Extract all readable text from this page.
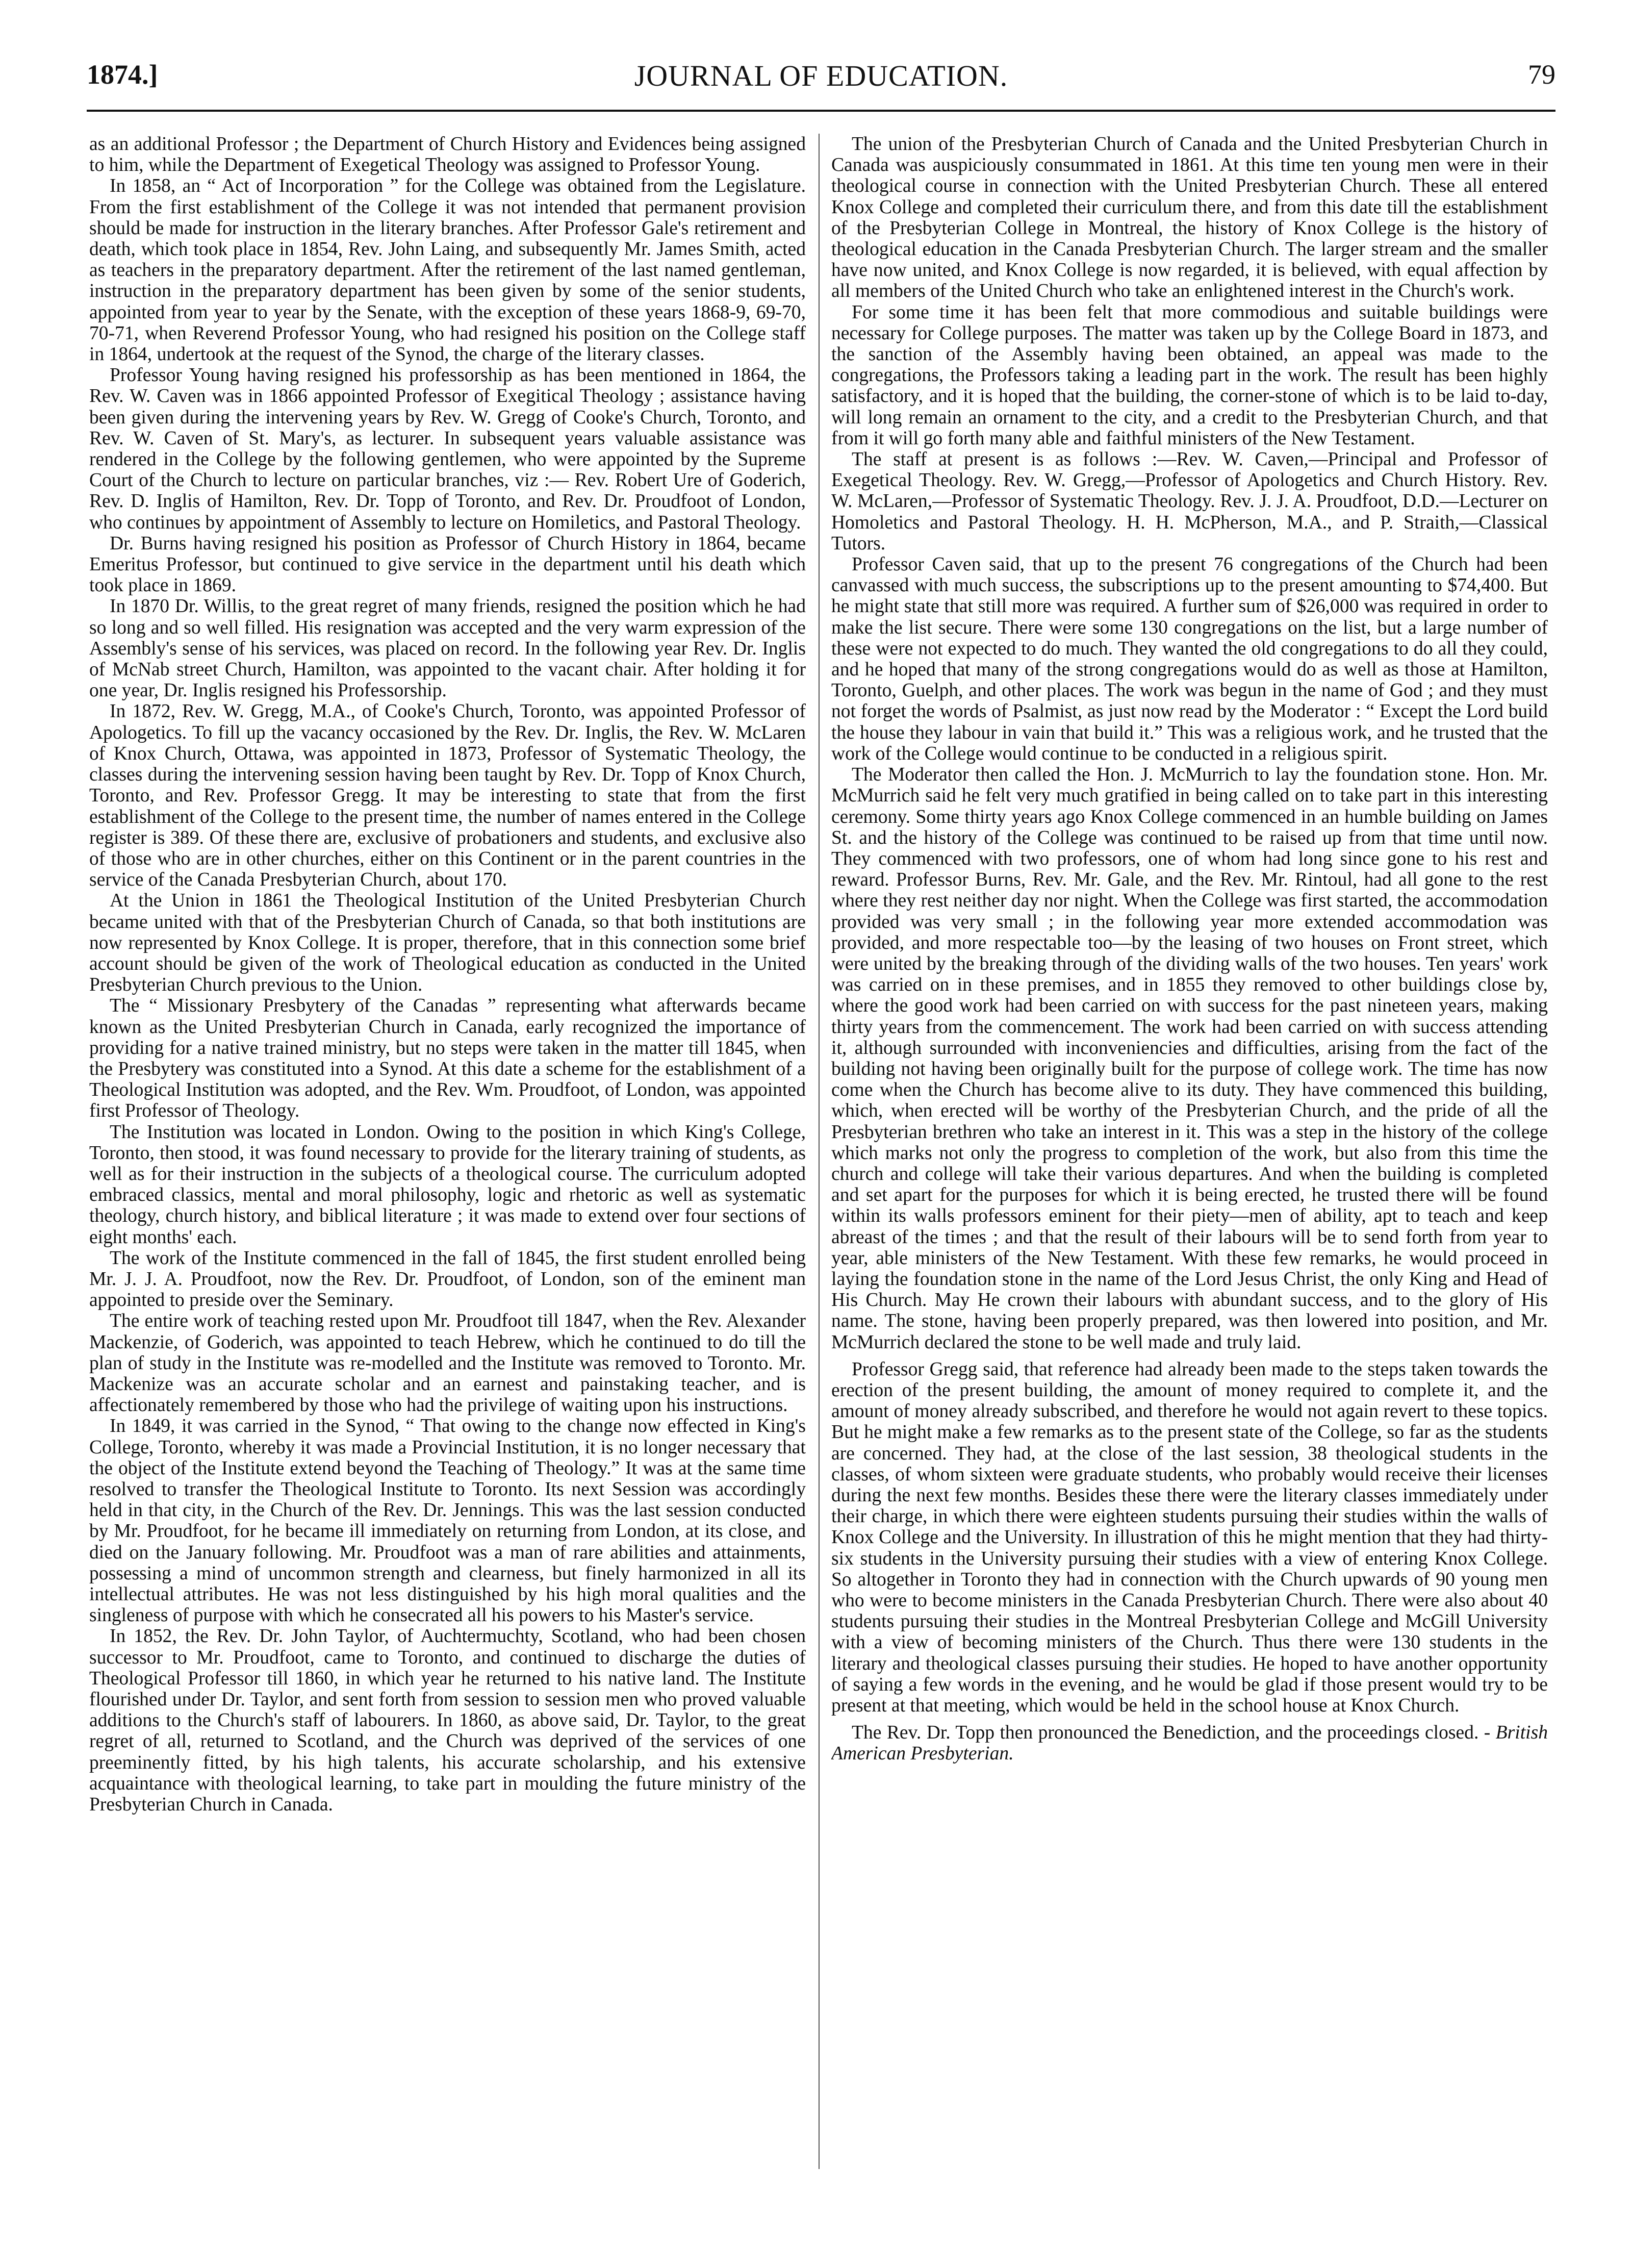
1874.]	JOURNAL OF EDUCATION.	79

as an additional Professor ; the Department of Church History and Evidences being assigned to him, while the Department of Exegetical Theology was assigned to Professor Young.

In 1858, an “ Act of Incorporation ” for the College was obtained from the Legislature. From the first establishment of the College it was not intended that permanent provision should be made for instruction in the literary branches. After Professor Gale's retirement and death, which took place in 1854, Rev. John Laing, and subsequently Mr. James Smith, acted as teachers in the preparatory department. After the retirement of the last named gentleman, instruction in the preparatory department has been given by some of the senior students, appointed from year to year by the Senate, with the exception of these years 1868-9, 69-70, 70-71, when Reverend Professor Young, who had resigned his position on the College staff in 1864, undertook at the request of the Synod, the charge of the literary classes.

Professor Young having resigned his professorship as has been mentioned in 1864, the Rev. W. Caven was in 1866 appointed Professor of Exegitical Theology ; assistance having been given during the intervening years by Rev. W. Gregg of Cooke's Church, Toronto, and Rev. W. Caven of St. Mary's, as lecturer. In subsequent years valuable assistance was rendered in the College by the following gentlemen, who were appointed by the Supreme Court of the Church to lecture on particular branches, viz :— Rev. Robert Ure of Goderich, Rev. D. Inglis of Hamilton, Rev. Dr. Topp of Toronto, and Rev. Dr. Proudfoot of London, who continues by appointment of Assembly to lecture on Homiletics, and Pastoral Theology.

Dr. Burns having resigned his position as Professor of Church History in 1864, became Emeritus Professor, but continued to give service in the department until his death which took place in 1869.

In 1870 Dr. Willis, to the great regret of many friends, resigned the position which he had so long and so well filled. His resignation was accepted and the very warm expression of the Assembly's sense of his services, was placed on record. In the following year Rev. Dr. Inglis of McNab street Church, Hamilton, was appointed to the vacant chair. After holding it for one year, Dr. Inglis resigned his Professorship.

In 1872, Rev. W. Gregg, M.A., of Cooke's Church, Toronto, was appointed Professor of Apologetics. To fill up the vacancy occasioned by the Rev. Dr. Inglis, the Rev. W. McLaren of Knox Church, Ottawa, was appointed in 1873, Professor of Systematic Theology, the classes during the intervening session having been taught by Rev. Dr. Topp of Knox Church, Toronto, and Rev. Professor Gregg. It may be interesting to state that from the first establishment of the College to the present time, the number of names entered in the College register is 389. Of these there are, exclusive of probationers and students, and exclusive also of those who are in other churches, either on this Continent or in the parent countries in the service of the Canada Presbyterian Church, about 170.

At the Union in 1861 the Theological Institution of the United Presbyterian Church became united with that of the Presbyterian Church of Canada, so that both institutions are now represented by Knox College. It is proper, therefore, that in this connection some brief account should be given of the work of Theological education as conducted in the United Presbyterian Church previous to the Union.

The “ Missionary Presbytery of the Canadas ” representing what afterwards became known as the United Presbyterian Church in Canada, early recognized the importance of providing for a native trained ministry, but no steps were taken in the matter till 1845, when the Presbytery was constituted into a Synod. At this date a scheme for the establishment of a Theological Institution was adopted, and the Rev. Wm. Proudfoot, of London, was appointed first Professor of Theology.

The Institution was located in London. Owing to the position in which King's College, Toronto, then stood, it was found necessary to provide for the literary training of students, as well as for their instruction in the subjects of a theological course. The curriculum adopted embraced classics, mental and moral philosophy, logic and rhetoric as well as systematic theology, church history, and biblical literature ; it was made to extend over four sections of eight months' each.

The work of the Institute commenced in the fall of 1845, the first student enrolled being Mr. J. J. A. Proudfoot, now the Rev. Dr. Proudfoot, of London, son of the eminent man appointed to preside over the Seminary.

The entire work of teaching rested upon Mr. Proudfoot till 1847, when the Rev. Alexander Mackenzie, of Goderich, was appointed to teach Hebrew, which he continued to do till the plan of study in the Institute was re-modelled and the Institute was removed to Toronto. Mr. Mackenize was an accurate scholar and an earnest and painstaking teacher, and is affectionately remembered by those who had the privilege of waiting upon his instructions.

In 1849, it was carried in the Synod, “ That owing to the change now effected in King's College, Toronto, whereby it was made a Provincial Institution, it is no longer necessary that the object of the Institute extend beyond the Teaching of Theology.” It was at the same time resolved to transfer the Theological Institute to Toronto. Its next Session was accordingly held in that city, in the Church of the Rev. Dr. Jennings. This was the last session conducted by Mr. Proudfoot, for he became ill immediately on returning from London, at its close, and died on the January following. Mr. Proudfoot was a man of rare abilities and attainments, possessing a mind of uncommon strength and clearness, but finely harmonized in all its intellectual attributes. He was not less distinguished by his high moral qualities and the singleness of purpose with which he consecrated all his powers to his Master's service.

In 1852, the Rev. Dr. John Taylor, of Auchtermuchty, Scotland, who had been chosen successor to Mr. Proudfoot, came to Toronto, and continued to discharge the duties of Theological Professor till 1860, in which year he returned to his native land. The Institute flourished under Dr. Taylor, and sent forth from session to session men who proved valuable additions to the Church's staff of labourers. In 1860, as above said, Dr. Taylor, to the great regret of all, returned to Scotland, and the Church was deprived of the services of one preeminently fitted, by his high talents, his accurate scholarship, and his extensive acquaintance with theological learning, to take part in moulding the future ministry of the Presbyterian Church in Canada.

The union of the Presbyterian Church of Canada and the United Presbyterian Church in Canada was auspiciously consummated in 1861. At this time ten young men were in their theological course in connection with the United Presbyterian Church. These all entered Knox College and completed their curriculum there, and from this date till the establishment of the Presbyterian College in Montreal, the history of Knox College is the history of theological education in the Canada Presbyterian Church. The larger stream and the smaller have now united, and Knox College is now regarded, it is believed, with equal affection by all members of the United Church who take an enlightened interest in the Church's work.

For some time it has been felt that more commodious and suitable buildings were necessary for College purposes. The matter was taken up by the College Board in 1873, and the sanction of the Assembly having been obtained, an appeal was made to the congregations, the Professors taking a leading part in the work. The result has been highly satisfactory, and it is hoped that the building, the corner-stone of which is to be laid to-day, will long remain an ornament to the city, and a credit to the Presbyterian Church, and that from it will go forth many able and faithful ministers of the New Testament.

The staff at present is as follows :—Rev. W. Caven,—Principal and Professor of Exegetical Theology. Rev. W. Gregg,—Professor of Apologetics and Church History. Rev. W. McLaren,—Professor of Systematic Theology. Rev. J. J. A. Proudfoot, D.D.—Lecturer on Homoletics and Pastoral Theology. H. H. McPherson, M.A., and P. Straith,—Classical Tutors.

Professor Caven said, that up to the present 76 congregations of the Church had been canvassed with much success, the subscriptions up to the present amounting to $74,400. But he might state that still more was required. A further sum of $26,000 was required in order to make the list secure. There were some 130 congregations on the list, but a large number of these were not expected to do much. They wanted the old congregations to do all they could, and he hoped that many of the strong congregations would do as well as those at Hamilton, Toronto, Guelph, and other places. The work was begun in the name of God ; and they must not forget the words of Psalmist, as just now read by the Moderator : “ Except the Lord build the house they labour in vain that build it.” This was a religious work, and he trusted that the work of the College would continue to be conducted in a religious spirit.

The Moderator then called the Hon. J. McMurrich to lay the foundation stone. Hon. Mr. McMurrich said he felt very much gratified in being called on to take part in this interesting ceremony. Some thirty years ago Knox College commenced in an humble building on James St. and the history of the College was continued to be raised up from that time until now. They commenced with two professors, one of whom had long since gone to his rest and reward. Professor Burns, Rev. Mr. Gale, and the Rev. Mr. Rintoul, had all gone to the rest where they rest neither day nor night. When the College was first started, the accommodation provided was very small ; in the following year more extended accommodation was provided, and more respectable too—by the leasing of two houses on Front street, which were united by the breaking through of the dividing walls of the two houses. Ten years' work was carried on in these premises, and in 1855 they removed to other buildings close by, where the good work had been carried on with success for the past nineteen years, making thirty years from the commencement. The work had been carried on with success attending it, although surrounded with inconveniencies and difficulties, arising from the fact of the building not having been originally built for the purpose of college work. The time has now come when the Church has become alive to its duty. They have commenced this building, which, when erected will be worthy of the Presbyterian Church, and the pride of all the Presbyterian brethren who take an interest in it. This was a step in the history of the college which marks not only the progress to completion of the work, but also from this time the church and college will take their various departures. And when the building is completed and set apart for the purposes for which it is being erected, he trusted there will be found within its walls professors eminent for their piety—men of ability, apt to teach and keep abreast of the times ; and that the result of their labours will be to send forth from year to year, able ministers of the New Testament. With these few remarks, he would proceed in laying the foundation stone in the name of the Lord Jesus Christ, the only King and Head of His Church. May He crown their labours with abundant success, and to the glory of His name. The stone, having been properly prepared, was then lowered into position, and Mr. McMurrich declared the stone to be well made and truly laid.

Professor Gregg said, that reference had already been made to the steps taken towards the erection of the present building, the amount of money required to complete it, and the amount of money already subscribed, and therefore he would not again revert to these topics. But he might make a few remarks as to the present state of the College, so far as the students are concerned. They had, at the close of the last session, 38 theological students in the classes, of whom sixteen were graduate students, who probably would receive their licenses during the next few months. Besides these there were the literary classes immediately under their charge, in which there were eighteen students pursuing their studies within the walls of Knox College and the University. In illustration of this he might mention that they had thirty-six students in the University pursuing their studies with a view of entering Knox College. So altogether in Toronto they had in connection with the Church upwards of 90 young men who were to become ministers in the Canada Presbyterian Church. There were also about 40 students pursuing their studies in the Montreal Presbyterian College and McGill University with a view of becoming ministers of the Church. Thus there were 130 students in the literary and theological classes pursuing their studies. He hoped to have another opportunity of saying a few words in the evening, and he would be glad if those present would try to be present at that meeting, which would be held in the school house at Knox Church.

The Rev. Dr. Topp then pronounced the Benediction, and the proceedings closed. - British American Presbyterian.
